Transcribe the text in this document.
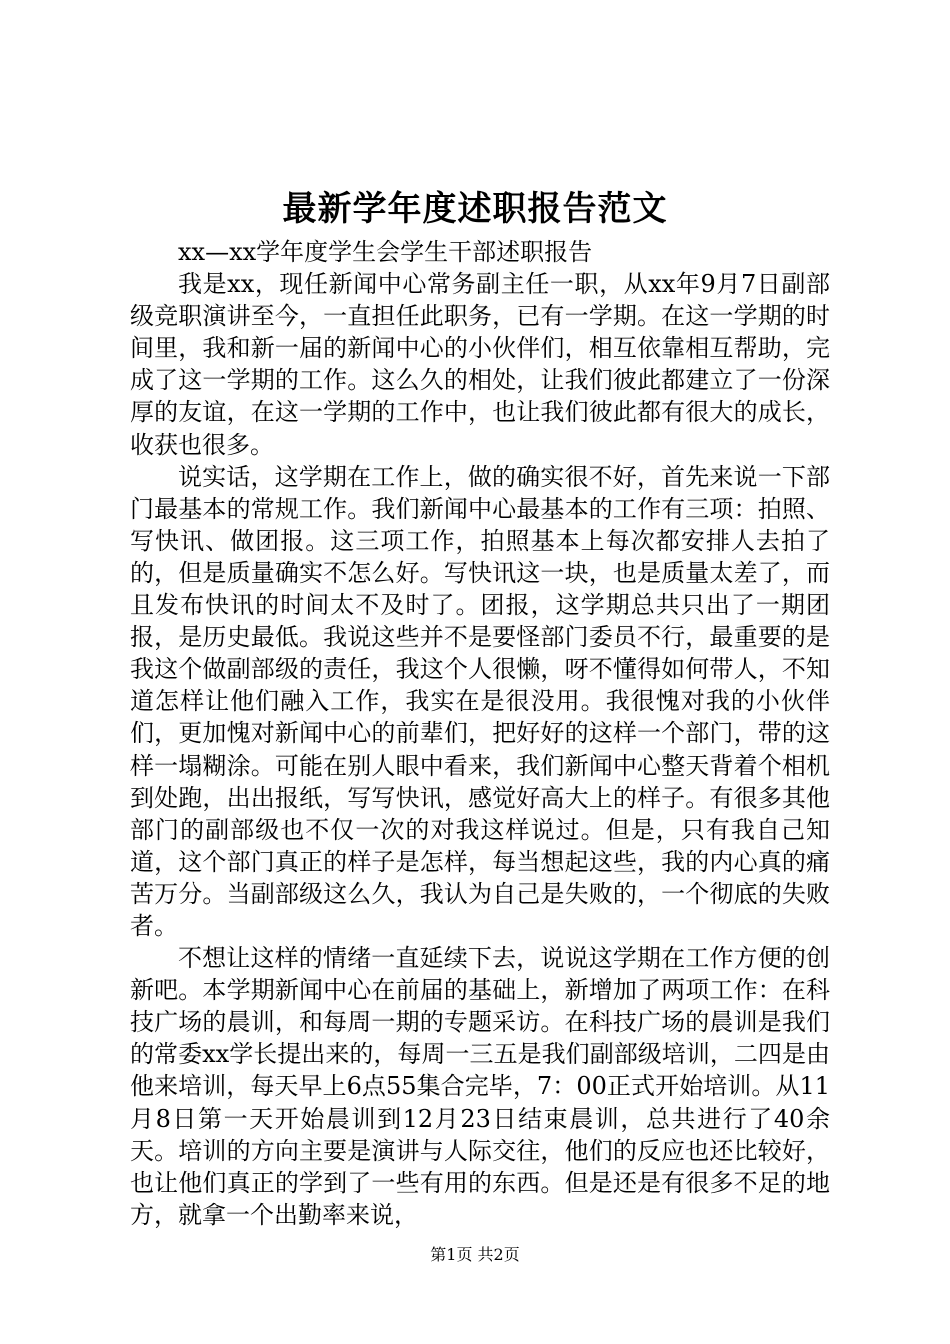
最新学年度述职报告范文

xx—xx学年度学生会学生干部述职报告

我是xx，现任新闻中心常务副主任一职，从xx年9月7日副部级竞职演讲至今，一直担任此职务，已有一学期。在这一学期的时间里，我和新一届的新闻中心的小伙伴们，相互依靠相互帮助，完成了这一学期的工作。这么久的相处，让我们彼此都建立了一份深厚的友谊，在这一学期的工作中，也让我们彼此都有很大的成长，收获也很多。

说实话，这学期在工作上，做的确实很不好，首先来说一下部门最基本的常规工作。我们新闻中心最基本的工作有三项：拍照、写快讯、做团报。这三项工作，拍照基本上每次都安排人去拍了的，但是质量确实不怎么好。写快讯这一块，也是质量太差了，而且发布快讯的时间太不及时了。团报，这学期总共只出了一期团报，是历史最低。我说这些并不是要怪部门委员不行，最重要的是我这个做副部级的责任，我这个人很懒，呀不懂得如何带人，不知道怎样让他们融入工作，我实在是很没用。我很愧对我的小伙伴们，更加愧对新闻中心的前辈们，把好好的这样一个部门，带的这样一塌糊涂。可能在别人眼中看来，我们新闻中心整天背着个相机到处跑，出出报纸，写写快讯，感觉好高大上的样子。有很多其他部门的副部级也不仅一次的对我这样说过。但是，只有我自己知道，这个部门真正的样子是怎样，每当想起这些，我的内心真的痛苦万分。当副部级这么久，我认为自己是失败的，一个彻底的失败者。

不想让这样的情绪一直延续下去，说说这学期在工作方便的创新吧。本学期新闻中心在前届的基础上，新增加了两项工作：在科技广场的晨训，和每周一期的专题采访。在科技广场的晨训是我们的常委xx学长提出来的，每周一三五是我们副部级培训，二四是由他来培训，每天早上6点55集合完毕，7：00正式开始培训。从11月8日第一天开始晨训到12月23日结束晨训，总共进行了40余天。培训的方向主要是演讲与人际交往，他们的反应也还比较好，也让他们真正的学到了一些有用的东西。但是还是有很多不足的地方，就拿一个出勤率来说，

第1页 共2页
